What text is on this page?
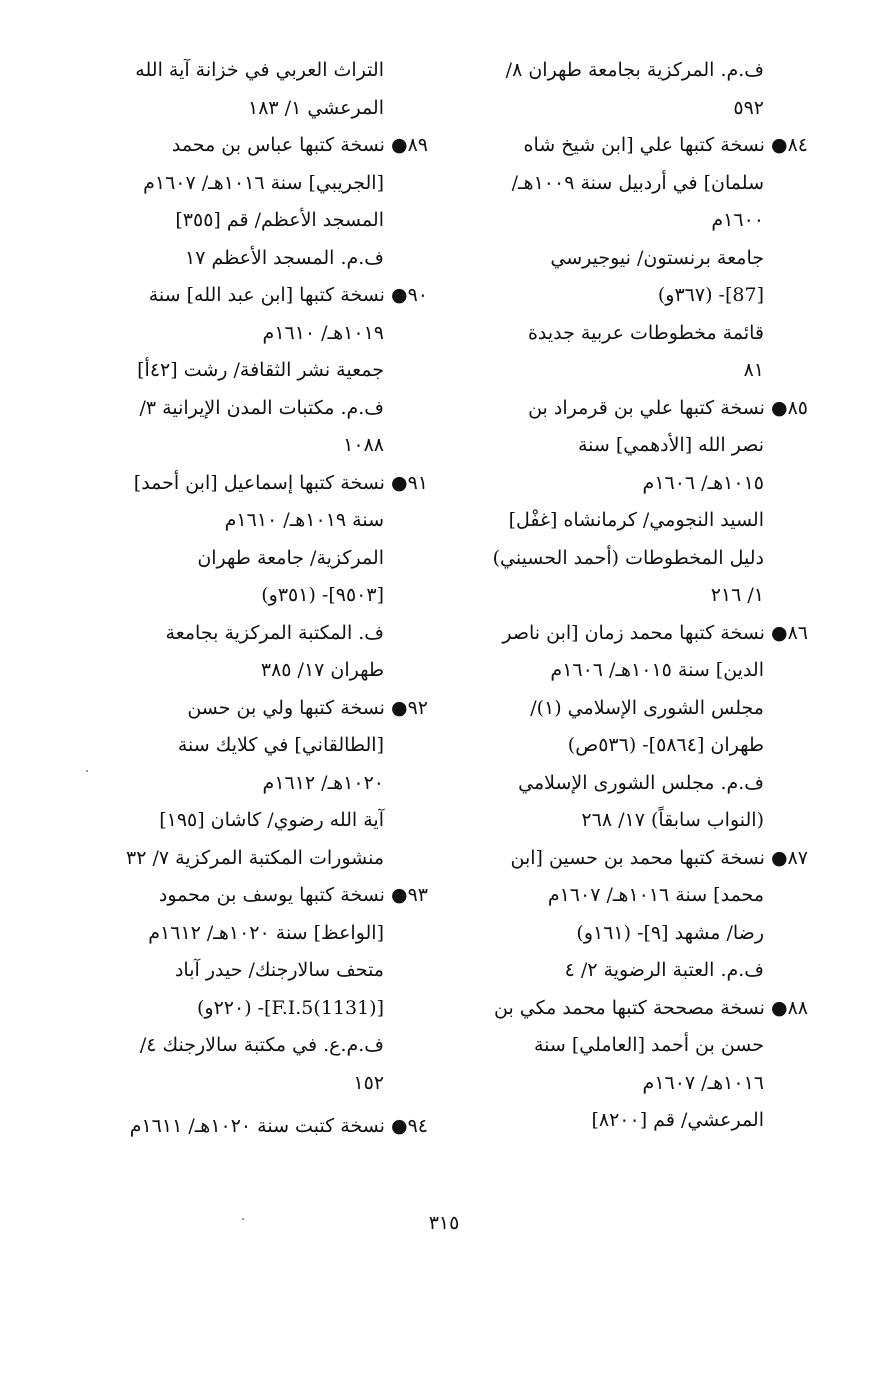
ف.م. المركزية بجامعة طهران ٨/
٥٩٢
٨٤● نسخة كتبها علي [ابن شيخ شاه
سلمان] في أردبيل سنة ١٠٠٩هـ/
١٦٠٠م
جامعة برنستون/ نيوجيرسي
[87]- (٣٦٧و)
قائمة مخطوطات عربية جديدة
٨١
٨٥● نسخة كتبها علي بن قرمراد بن
نصر الله [الأدهمي] سنة
١٠١٥هـ/ ١٦٠٦م
السيد النجومي/ كرمانشاه [غفْل]
دليل المخطوطات (أحمد الحسيني)
١/ ٢١٦
٨٦● نسخة كتبها محمد زمان [ابن ناصر
الدين] سنة ١٠١٥هـ/ ١٦٠٦م
مجلس الشورى الإسلامي (١)/
طهران [٥٨٦٤]- (٥٣٦ص)
ف.م. مجلس الشورى الإسلامي
(النواب سابقاً) ١٧/ ٢٦٨
٨٧● نسخة كتبها محمد بن حسين [ابن
محمد] سنة ١٠١٦هـ/ ١٦٠٧م
رضا/ مشهد [٩]- (١٦١و)
ف.م. العتبة الرضوية ٢/ ٤
٨٨● نسخة مصححة كتبها محمد مكي بن
حسن بن أحمد [العاملي] سنة
١٠١٦هـ/ ١٦٠٧م
المرعشي/ قم [٨٢٠٠]
التراث العربي في خزانة آية الله
المرعشي ١/ ١٨٣
٨٩● نسخة كتبها عباس بن محمد
[الجريبي] سنة ١٠١٦هـ/ ١٦٠٧م
المسجد الأعظم/ قم [٣٥٥]
ف.م. المسجد الأعظم ١٧
٩٠● نسخة كتبها [ابن عبد الله] سنة
١٠١٩هـ/ ١٦١٠م
جمعية نشر الثقافة/ رشت [٤٢أ]
ف.م. مكتبات المدن الإيرانية ٣/
١٠٨٨
٩١● نسخة كتبها إسماعيل [ابن أحمد]
سنة ١٠١٩هـ/ ١٦١٠م
المركزية/ جامعة طهران
[٩٥٠٣]- (٣٥١و)
ف. المكتبة المركزية بجامعة
طهران ١٧/ ٣٨٥
٩٢● نسخة كتبها ولي بن حسن
[الطالقاني] في كلايك سنة
١٠٢٠هـ/ ١٦١٢م
آية الله رضوي/ كاشان [١٩٥]
منشورات المكتبة المركزية ٧/ ٣٢
٩٣● نسخة كتبها يوسف بن محمود
[الواعظ] سنة ١٠٢٠هـ/ ١٦١٢م
متحف سالارجنك/ حيدر آباد
[(1131)F.I.5]- (٢٢٠و)
ف.م.ع. في مكتبة سالارجنك ٤/
١٥٢
٩٤● نسخة كتبت سنة ١٠٢٠هـ/ ١٦١١م
٣١٥
